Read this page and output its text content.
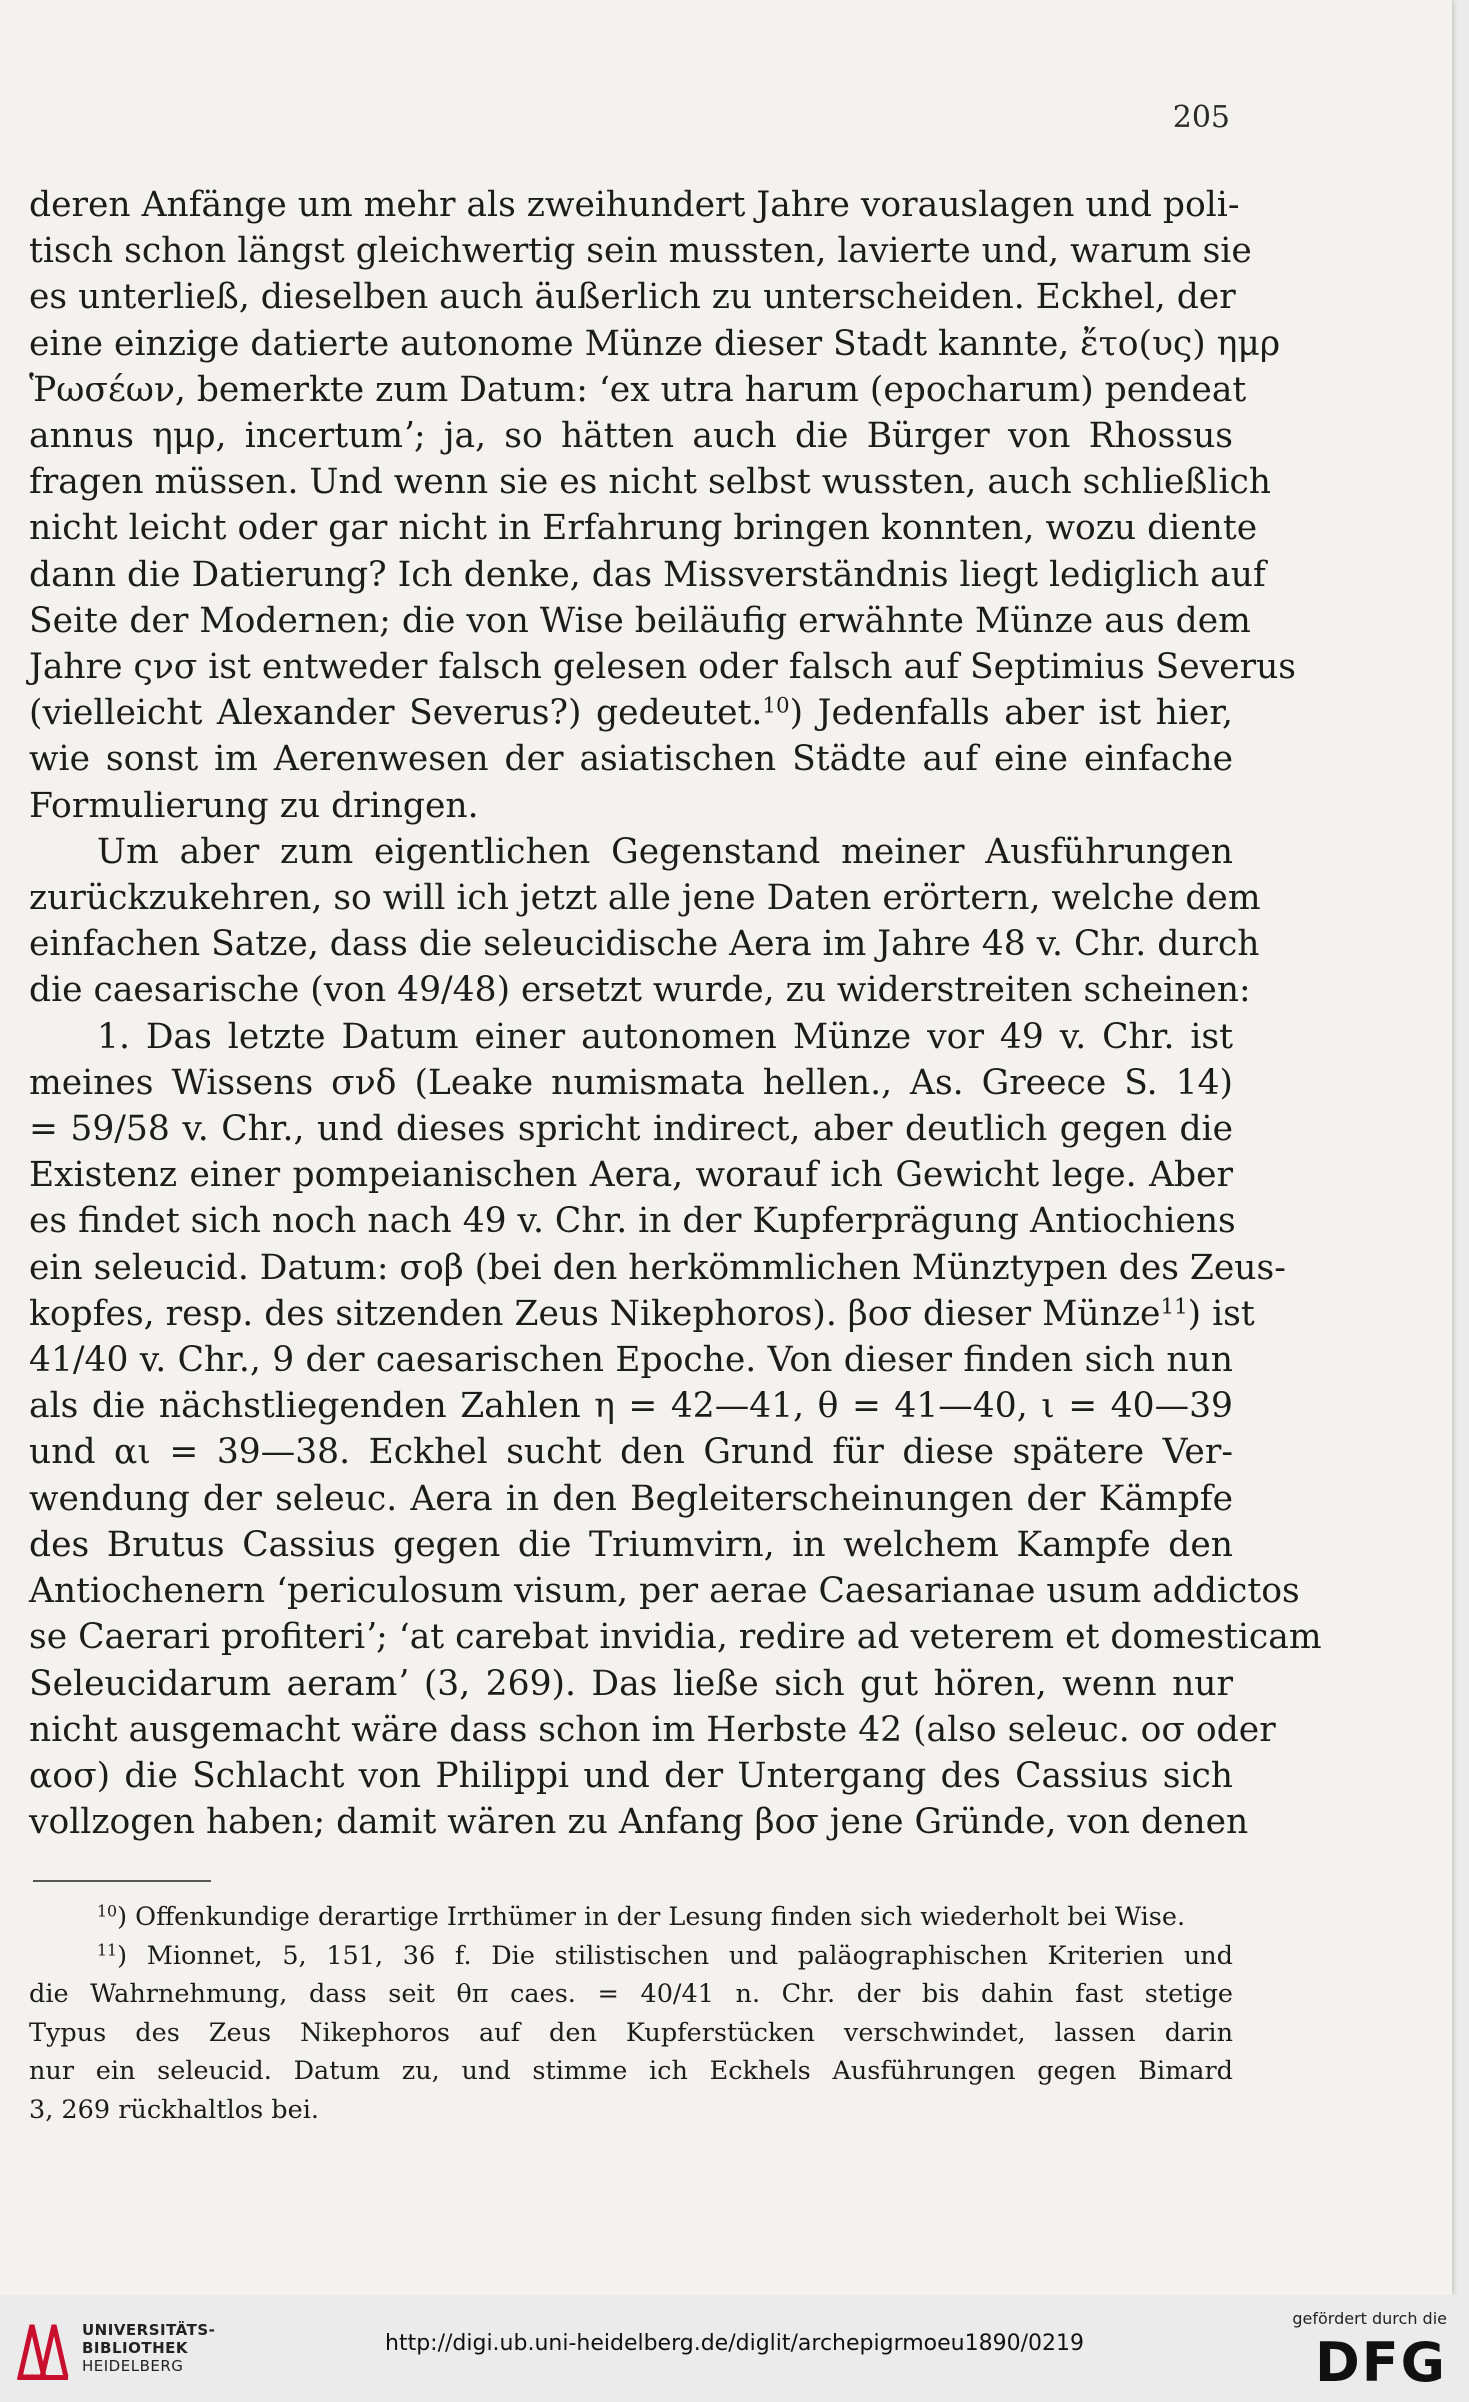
205
deren Anfänge um mehr als zweihundert Jahre vorauslagen und poli-
tisch schon längst gleichwertig sein mussten, lavierte und, warum sie
es unterließ, dieselben auch äußerlich zu unterscheiden. Eckhel, der
eine einzige datierte autonome Münze dieser Stadt kannte, ἔτο(υς) ημρ
Ῥωσέων, bemerkte zum Datum: ʻex utra harum (epocharum) pendeat
annus ημρ, incertumʼ; ja, so hätten auch die Bürger von Rhossus
fragen müssen. Und wenn sie es nicht selbst wussten, auch schließlich
nicht leicht oder gar nicht in Erfahrung bringen konnten, wozu diente
dann die Datierung? Ich denke, das Missverständnis liegt lediglich auf
Seite der Modernen; die von Wise beiläufig erwähnte Münze aus dem
Jahre ςνσ ist entweder falsch gelesen oder falsch auf Septimius Severus
(vielleicht Alexander Severus?) gedeutet.$^{10}$) Jedenfalls aber ist hier,
wie sonst im Aerenwesen der asiatischen Städte auf eine einfache
Formulierung zu dringen.
Um aber zum eigentlichen Gegenstand meiner Ausführungen
zurückzukehren, so will ich jetzt alle jene Daten erörtern, welche dem
einfachen Satze, dass die seleucidische Aera im Jahre 48 v. Chr. durch
die caesarische (von 49/48) ersetzt wurde, zu widerstreiten scheinen:
1. Das letzte Datum einer autonomen Münze vor 49 v. Chr. ist
meines Wissens σνδ (Leake numismata hellen., As. Greece S. 14)
= 59/58 v. Chr., und dieses spricht indirect, aber deutlich gegen die
Existenz einer pompeianischen Aera, worauf ich Gewicht lege. Aber
es findet sich noch nach 49 v. Chr. in der Kupferprägung Antiochiens
ein seleucid. Datum: σοβ (bei den herkömmlichen Münztypen des Zeus-
kopfes, resp. des sitzenden Zeus Nikephoros). βοσ dieser Münze$^{11}$) ist
41/40 v. Chr., 9 der caesarischen Epoche. Von dieser finden sich nun
als die nächstliegenden Zahlen η = 42—41, θ = 41—40, ι = 40—39
und αι = 39—38. Eckhel sucht den Grund für diese spätere Ver-
wendung der seleuc. Aera in den Begleiterscheinungen der Kämpfe
des Brutus Cassius gegen die Triumvirn, in welchem Kampfe den
Antiochenern ʻpericulosum visum, per aerae Caesarianae usum addictos
se Caerari profiteriʼ; ʻat carebat invidia, redire ad veterem et domesticam
Seleucidarum aeramʼ (3, 269). Das ließe sich gut hören, wenn nur
nicht ausgemacht wäre dass schon im Herbste 42 (also seleuc. οσ oder
αοσ) die Schlacht von Philippi und der Untergang des Cassius sich
vollzogen haben; damit wären zu Anfang βοσ jene Gründe, von denen
$^{10}$) Offenkundige derartige Irrthümer in der Lesung finden sich wiederholt bei Wise.
$^{11}$) Mionnet, 5, 151, 36 f. Die stilistischen und paläographischen Kriterien und
die Wahrnehmung, dass seit θπ caes. = 40/41 n. Chr. der bis dahin fast stetige
Typus des Zeus Nikephoros auf den Kupferstücken verschwindet, lassen darin
nur ein seleucid. Datum zu, und stimme ich Eckhels Ausführungen gegen Bimard
3, 269 rückhaltlos bei.
UNIVERSITÄTS-
BIBLIOTHEK
HEIDELBERG
http://digi.ub.uni-heidelberg.de/diglit/archepigrmoeu1890/0219
gefördert durch die
DFG
